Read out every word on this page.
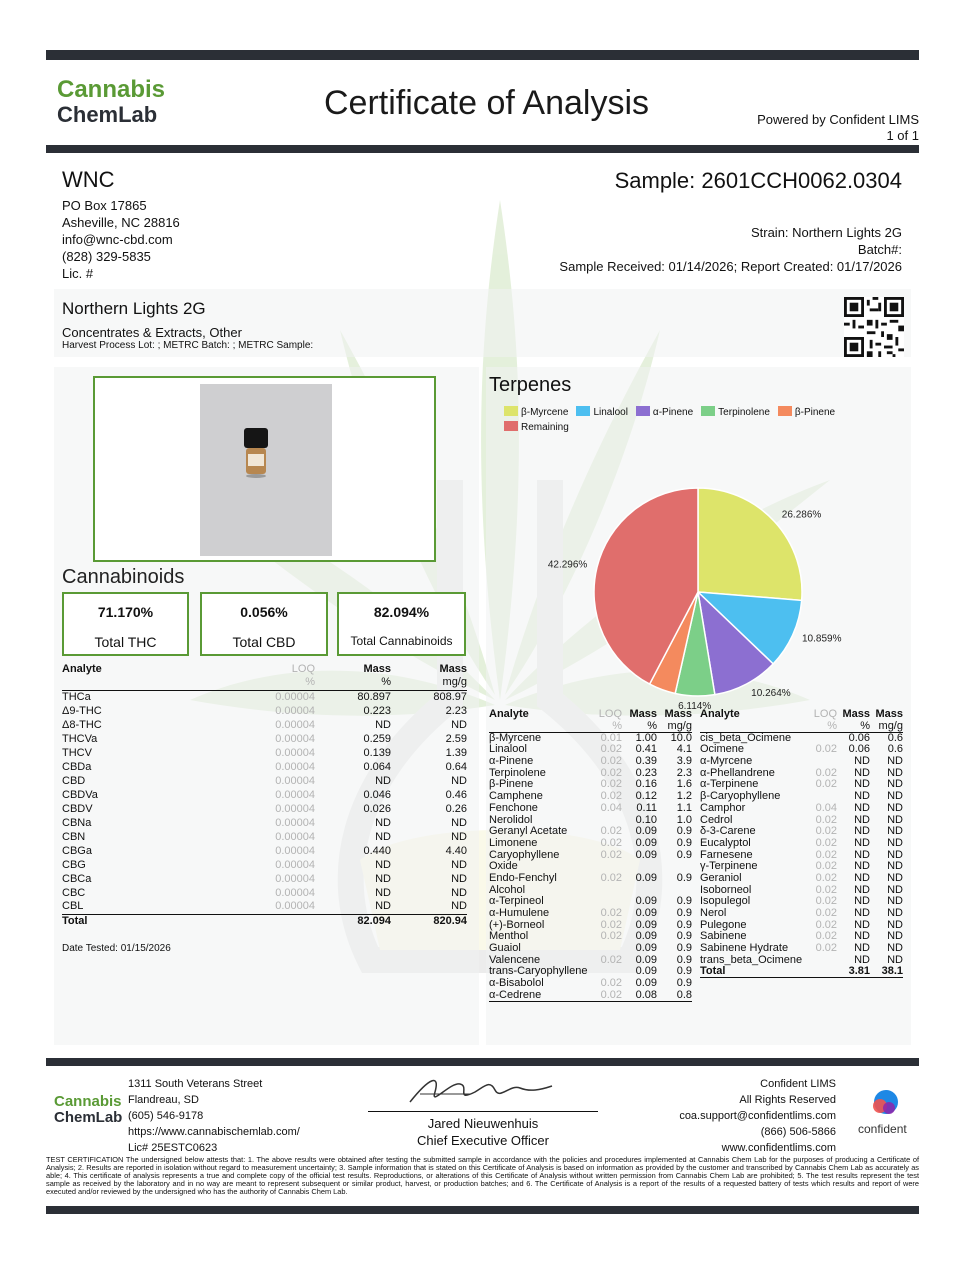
Cannabis
ChemLab	Certificate of Analysis	Powered by Confident LIMS
1 of 1
WNC
PO Box 17865
Asheville, NC 28816
info@wnc-cbd.com
(828) 329-5835
Lic. #
Sample: 2601CCH0062.0304
Strain: Northern Lights 2G
Batch#:
Sample Received: 01/14/2026; Report Created: 01/17/2026
Northern Lights 2G
Concentrates & Extracts, Other
Harvest Process Lot: ; METRC Batch: ; METRC Sample:
Cannabinoids
71.170%
Total THC
0.056%
Total CBD
82.094%
Total Cannabinoids
Analyte	LOQ	Mass	Mass
	%	%	mg/g
THCa	0.00004	80.897	808.97
Δ9-THC	0.00004	0.223	2.23
Δ8-THC	0.00004	ND	ND
THCVa	0.00004	0.259	2.59
THCV	0.00004	0.139	1.39
CBDa	0.00004	0.064	0.64
CBD	0.00004	ND	ND
CBDVa	0.00004	0.046	0.46
CBDV	0.00004	0.026	0.26
CBNa	0.00004	ND	ND
CBN	0.00004	ND	ND
CBGa	0.00004	0.440	4.40
CBG	0.00004	ND	ND
CBCa	0.00004	ND	ND
CBC	0.00004	ND	ND
CBL	0.00004	ND	ND
Total		82.094	820.94
Date Tested: 01/15/2026
Terpenes
β-Myrcene	Linalool	α-Pinene	Terpinolene	β-Pinene
Remaining
26.286%
10.859%
10.264%
6.114%
42.296%
Analyte	LOQ	Mass	Mass
	%	%	mg/g
β-Myrcene	0.01	1.00	10.0
Linalool	0.02	0.41	4.1
α-Pinene	0.02	0.39	3.9
Terpinolene	0.02	0.23	2.3
β-Pinene	0.02	0.16	1.6
Camphene	0.02	0.12	1.2
Fenchone	0.04	0.11	1.1
Nerolidol		0.10	1.0
Geranyl Acetate	0.02	0.09	0.9
Limonene	0.02	0.09	0.9
Caryophyllene	0.02	0.09	0.9
Oxide			
Endo-Fenchyl	0.02	0.09	0.9
Alcohol			
α-Terpineol		0.09	0.9
α-Humulene	0.02	0.09	0.9
(+)-Borneol	0.02	0.09	0.9
Menthol	0.02	0.09	0.9
Guaiol		0.09	0.9
Valencene	0.02	0.09	0.9
trans-Caryophyllene		0.09	0.9
α-Bisabolol	0.02	0.09	0.9
α-Cedrene	0.02	0.08	0.8
Analyte	LOQ	Mass	Mass
	%	%	mg/g
cis_beta_Ocimene		0.06	0.6
Ocimene	0.02	0.06	0.6
α-Myrcene		ND	ND
α-Phellandrene	0.02	ND	ND
α-Terpinene	0.02	ND	ND
β-Caryophyllene		ND	ND
Camphor	0.04	ND	ND
Cedrol	0.02	ND	ND
δ-3-Carene	0.02	ND	ND
Eucalyptol	0.02	ND	ND
Farnesene	0.02	ND	ND
γ-Terpinene	0.02	ND	ND
Geraniol	0.02	ND	ND
Isoborneol	0.02	ND	ND
Isopulegol	0.02	ND	ND
Nerol	0.02	ND	ND
Pulegone	0.02	ND	ND
Sabinene	0.02	ND	ND
Sabinene Hydrate	0.02	ND	ND
trans_beta_Ocimene		ND	ND
Total		3.81	38.1
Cannabis
ChemLab
1311 South Veterans Street
Flandreau, SD
(605) 546-9178
https://www.cannabischemlab.com/
Lic# 25ESTC0623
Jared Nieuwenhuis
Chief Executive Officer
Confident LIMS
All Rights Reserved
coa.support@confidentlims.com
(866) 506-5866
www.confidentlims.com
confident
TEST CERTIFICATION The undersigned below attests that: 1. The above results were obtained after testing the submitted sample in accordance with the policies and procedures implemented at Cannabis Chem Lab for the purposes of producing a Certificate of Analysis; 2. Results are reported in isolation without regard to measurement uncertainty; 3. Sample information that is stated on this Certificate of Analysis is based on information as provided by the customer and transcribed by Cannabis Chem Lab as accurately as able; 4. This certificate of analysis represents a true and complete copy of the official test results. Reproductions, or alterations of this Certificate of Analysis without written permission from Cannabis Chem Lab are prohibited; 5. The test results represent the test sample as received by the laboratory and in no way are meant to represent subsequent or similar product, harvest, or production batches; and 6. The Certificate of Analysis is a report of the results of a requested battery of tests which results and report of were executed and/or reviewed by the undersigned who has the authority of Cannabis Chem Lab.
